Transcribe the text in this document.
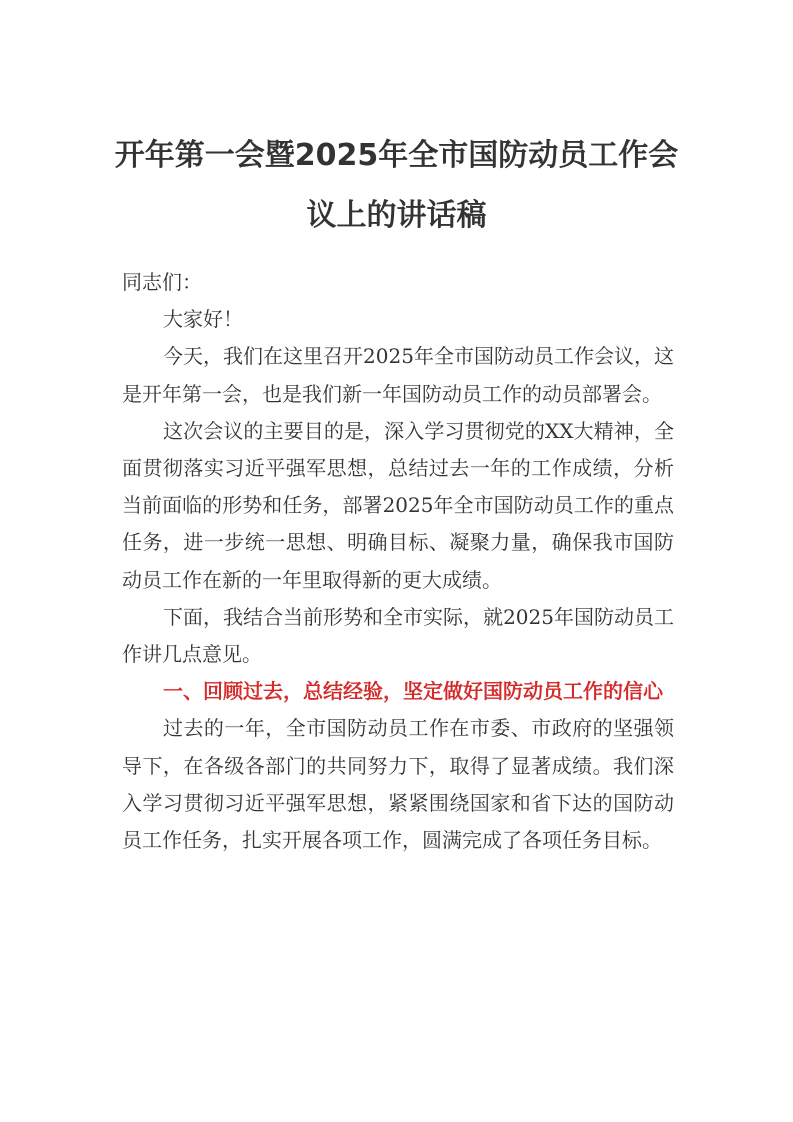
开年第一会暨2025年全市国防动员工作会
议上的讲话稿

同志们：

大家好！

今天，我们在这里召开2025年全市国防动员工作会议，这是开年第一会，也是我们新一年国防动员工作的动员部署会。

这次会议的主要目的是，深入学习贯彻党的XX大精神，全面贯彻落实习近平强军思想，总结过去一年的工作成绩，分析当前面临的形势和任务，部署2025年全市国防动员工作的重点任务，进一步统一思想、明确目标、凝聚力量，确保我市国防动员工作在新的一年里取得新的更大成绩。

下面，我结合当前形势和全市实际，就2025年国防动员工作讲几点意见。

一、回顾过去，总结经验，坚定做好国防动员工作的信心

过去的一年，全市国防动员工作在市委、市政府的坚强领导下，在各级各部门的共同努力下，取得了显著成绩。我们深入学习贯彻习近平强军思想，紧紧围绕国家和省下达的国防动员工作任务，扎实开展各项工作，圆满完成了各项任务目标。
